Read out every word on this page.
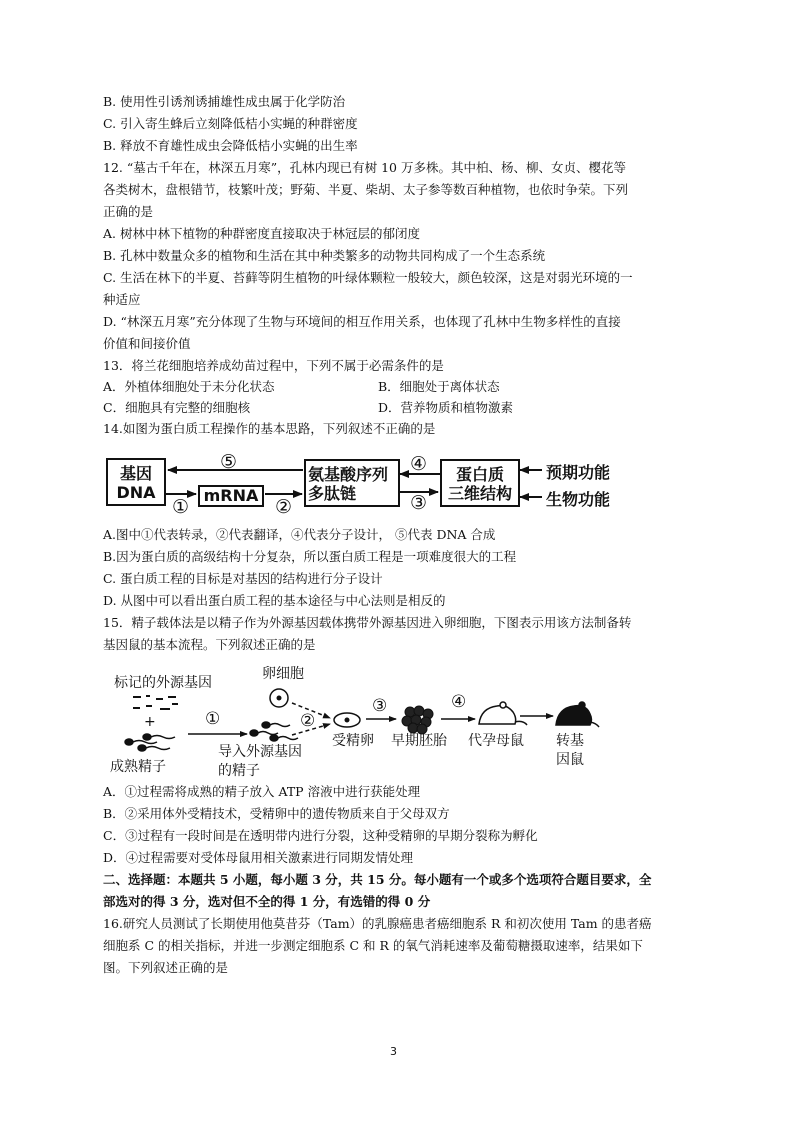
B. 使用性引诱剂诱捕雄性成虫属于化学防治
C. 引入寄生蜂后立刻降低桔小实蝇的种群密度
B. 释放不育雄性成虫会降低桔小实蝇的出生率
12. “墓古千年在，林深五月寒”，孔林内现已有树 10 万多株。其中柏、杨、柳、女贞、樱花等
各类树木，盘根错节，枝繁叶茂；野菊、半夏、柴胡、太子参等数百种植物，也依时争荣。下列
正确的是
A. 树林中林下植物的种群密度直接取决于林冠层的郁闭度
B. 孔林中数量众多的植物和生活在其中种类繁多的动物共同构成了一个生态系统
C. 生活在林下的半夏、苔藓等阴生植物的叶绿体颗粒一般较大，颜色较深，这是对弱光环境的一
种适应
D. “林深五月寒”充分体现了生物与环境间的相互作用关系，也体现了孔林中生物多样性的直接
价值和间接价值
13．将兰花细胞培养成幼苗过程中，下列不属于必需条件的是
A．外植体细胞处于未分化状态	B．细胞处于离体状态
C．细胞具有完整的细胞核	D．营养物质和植物激素
14.如图为蛋白质工程操作的基本思路，下列叙述不正确的是
基因
DNA	mRNA
氨基酸序列
多肽链
蛋白质
三维结构
预期功能
生物功能
⑤
①	②
④
③
A.图中①代表转录，②代表翻译，④代表分子设计， ⑤代表 DNA 合成
B.因为蛋白质的高级结构十分复杂，所以蛋白质工程是一项难度很大的工程
C. 蛋白质工程的目标是对基因的结构进行分子设计
D. 从图中可以看出蛋白质工程的基本途径与中心法则是相反的
15．精子载体法是以精子作为外源基因载体携带外源基因进入卵细胞，下图表示用该方法制备转
基因鼠的基本流程。下列叙述正确的是
标记的外源基因
卵细胞
+
成熟精子
导入外源基因
的精子
受精卵 早期胚胎 代孕母鼠 转基
因鼠
①	②
③	④
A．①过程需将成熟的精子放入 ATP 溶液中进行获能处理
B．②采用体外受精技术，受精卵中的遗传物质来自于父母双方
C．③过程有一段时间是在透明带内进行分裂，这种受精卵的早期分裂称为孵化
D．④过程需要对受体母鼠用相关激素进行同期发情处理
二、选择题：本题共 5 小题，每小题 3 分，共 15 分。每小题有一个或多个选项符合题目要求，全
部选对的得 3 分，选对但不全的得 1 分，有选错的得 0 分
16.研究人员测试了长期使用他莫昔芬（Tam）的乳腺癌患者癌细胞系 R 和初次使用 Tam 的患者癌
细胞系 C 的相关指标，并进一步测定细胞系 C 和 R 的氧气消耗速率及葡萄糖摄取速率，结果如下
图。下列叙述正确的是
3
